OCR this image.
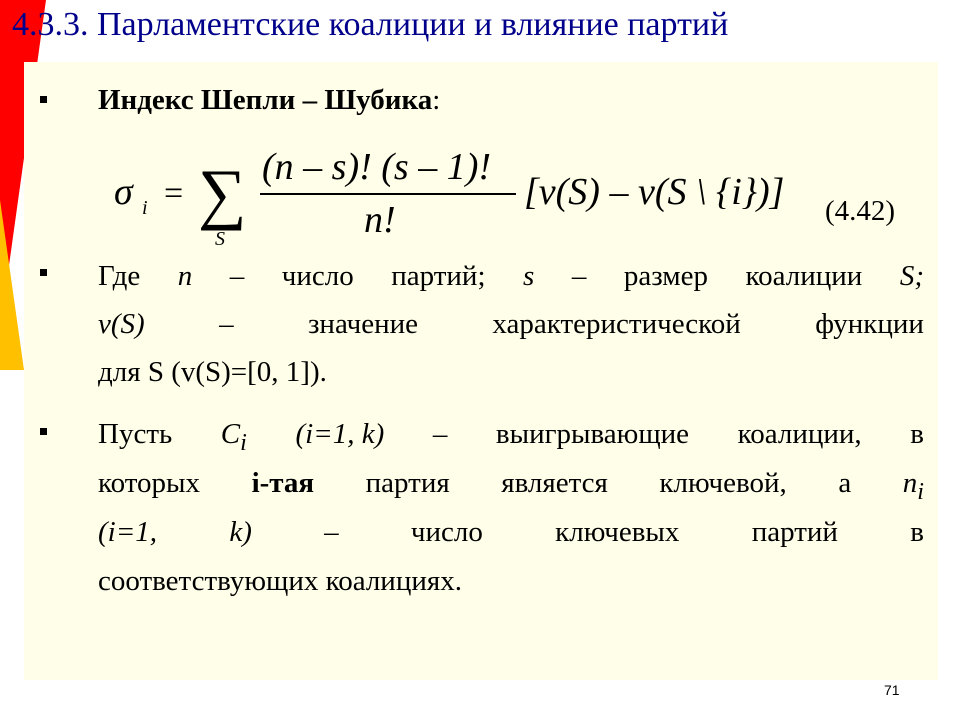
4.3.3. Парламентские коалиции и влияние партий
Индекс Шепли – Шубика:
σ i = ∑
S
(n – s)! (s – 1)!
n!
[v(S) – v(S \ {i})] (4.42)
Где n – число партий; s – размер коалиции S;
v(S)	–	значение	характеристической	функции
для S (v(S)=[0, 1]).
Пусть $C_i$ (i=1, k) – выигрывающие коалиции, в
которых i-тая партия является ключевой, а $n_i$
(i=1, k) – число ключевых партий в
соответствующих коалициях.
71
